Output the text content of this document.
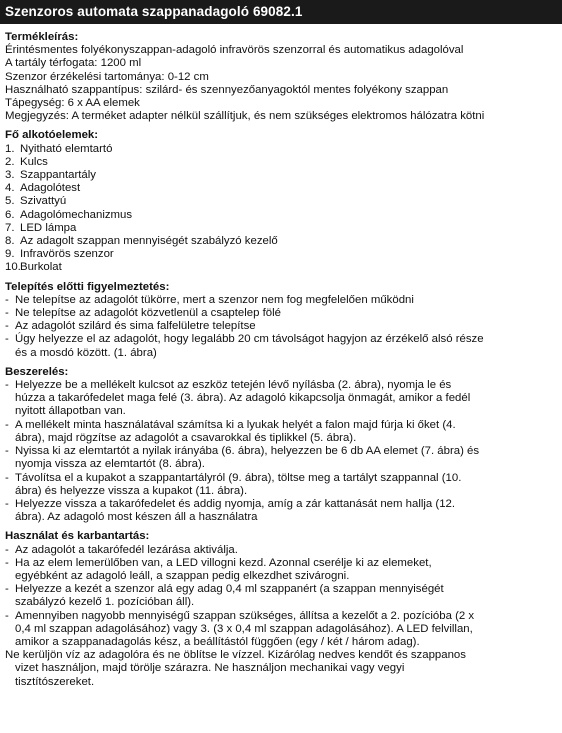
Szenzoros automata szappanadagoló 69082.1
Termékleírás:
Érintésmentes folyékonyszappan-adagoló infravörös szenzorral és automatikus adagolóval
A tartály térfogata: 1200 ml
Szenzor érzékelési tartománya: 0-12 cm
Használható szappantípus: szilárd- és szennyezőanyagoktól mentes folyékony szappan
Tápegység: 6 x AA elemek
Megjegyzés: A terméket adapter nélkül szállítjuk, és nem szükséges elektromos hálózatra kötni
Fő alkotóelemek:
1. Nyitható elemtartó
2. Kulcs
3. Szappantartály
4. Adagolótest
5. Szivattyú
6. Adagolómechanizmus
7. LED lámpa
8. Az adagolt szappan mennyiségét szabályzó kezelő
9. Infravörös szenzor
10. Burkolat
Telepítés előtti figyelmeztetés:
- Ne telepítse az adagolót tükörre, mert a szenzor nem fog megfelelően működni
- Ne telepítse az adagolót közvetlenül a csaptelep fölé
- Az adagolót szilárd és sima falfelületre telepítse
- Úgy helyezze el az adagolót, hogy legalább 20 cm távolságot hagyjon az érzékelő alsó része
és a mosdó között. (1. ábra)
Beszerelés:
- Helyezze be a mellékelt kulcsot az eszköz tetején lévő nyílásba (2. ábra), nyomja le és
húzza a takarófedelet maga felé (3. ábra). Az adagoló kikapcsolja önmagát, amikor a fedél
nyitott állapotban van.
- A mellékelt minta használatával számítsa ki a lyukak helyét a falon majd fúrja ki őket (4.
ábra), majd rögzítse az adagolót a csavarokkal és tiplikkel (5. ábra).
- Nyissa ki az elemtartót a nyilak irányába (6. ábra), helyezzen be 6 db AA elemet (7. ábra) és
nyomja vissza az elemtartót (8. ábra).
- Távolítsa el a kupakot a szappantartályról (9. ábra), töltse meg a tartályt szappannal (10.
ábra) és helyezze vissza a kupakot (11. ábra).
- Helyezze vissza a takarófedelet és addig nyomja, amíg a zár kattanását nem hallja (12.
ábra). Az adagoló most készen áll a használatra
Használat és karbantartás:
- Az adagolót a takarófedél lezárása aktiválja.
- Ha az elem lemerülőben van, a LED villogni kezd. Azonnal cserélje ki az elemeket,
egyébként az adagoló leáll, a szappan pedig elkezdhet szivárogni.
- Helyezze a kezét a szenzor alá egy adag 0,4 ml szappanért (a szappan mennyiségét
szabályzó kezelő 1. pozícióban áll).
- Amennyiben nagyobb mennyiségű szappan szükséges, állítsa a kezelőt a 2. pozícióba (2 x
0,4 ml szappan adagolásához) vagy 3. (3 x 0,4 ml szappan adagolásához). A LED felvillan,
amikor a szappanadagolás kész, a beállítástól függően (egy / két / három adag).
Ne kerüljön víz az adagolóra és ne öblítse le vízzel. Kizárólag nedves kendőt és szappanos
vizet használjon, majd törölje szárazra. Ne használjon mechanikai vagy vegyi
tisztítószereket.
